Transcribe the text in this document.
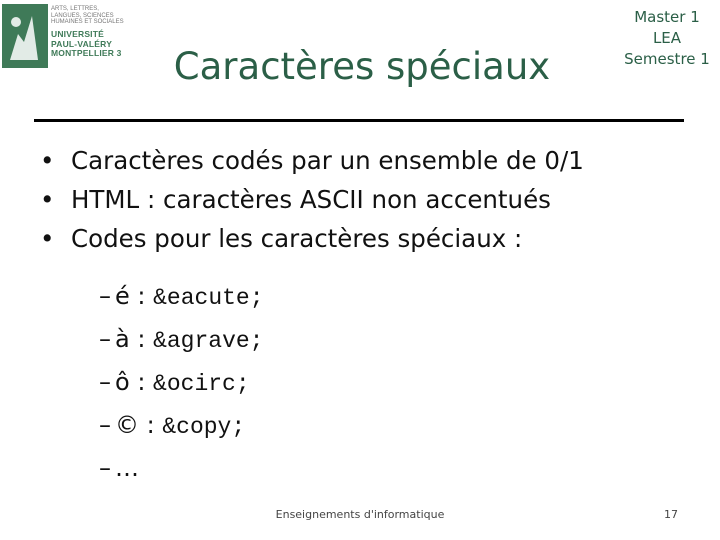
ARTS, LETTRES, LANGUES, SCIENCES HUMAINES ET SOCIALES
UNIVERSITÉ
PAUL-VALÉRY
MONTPELLIER 3	Caractères spéciaux
Master 1
LEA
Semestre 1
• Caractères codés par un ensemble de 0/1
• HTML : caractères ASCII non accentués
• Codes pour les caractères spéciaux :
– é : &eacute;
– à : &agrave;
– ô : &ocirc;
– © : &copy;
– …
Enseignements d'informatique	17
